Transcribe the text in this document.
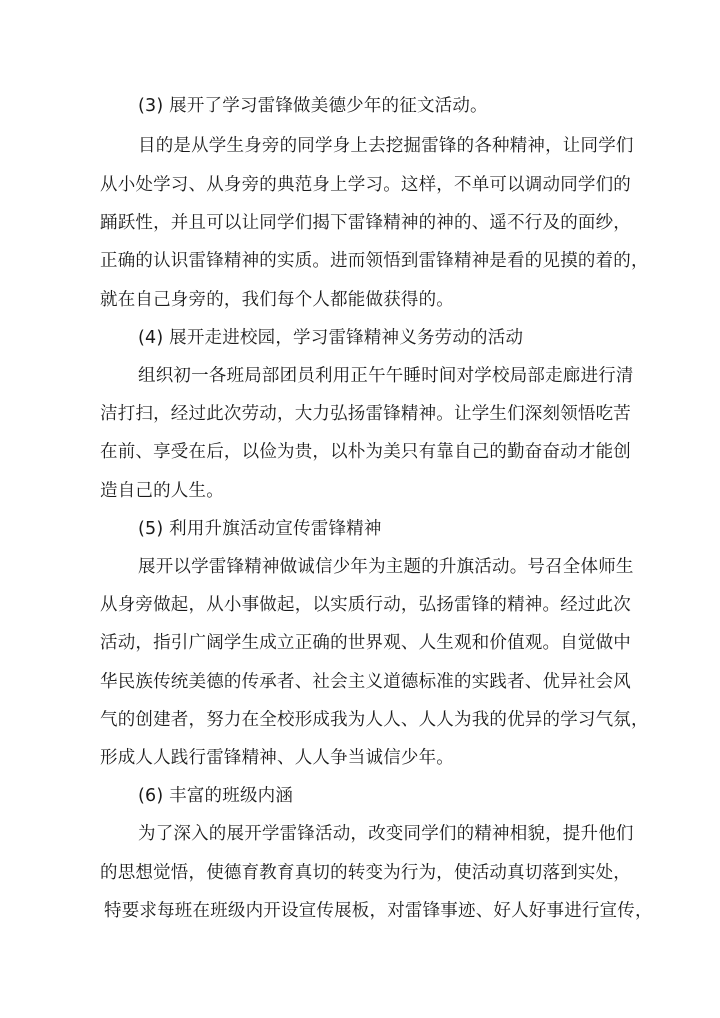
(3) 展开了学习雷锋做美德少年的征文活动。
目的是从学生身旁的同学身上去挖掘雷锋的各种精神，让同学们
从小处学习、从身旁的典范身上学习。这样，不单可以调动同学们的
踊跃性，并且可以让同学们揭下雷锋精神的神的、遥不行及的面纱，
正确的认识雷锋精神的实质。进而领悟到雷锋精神是看的见摸的着的，
就在自己身旁的，我们每个人都能做获得的。
(4) 展开走进校园，学习雷锋精神义务劳动的活动
组织初一各班局部团员利用正午午睡时间对学校局部走廊进行清
洁打扫，经过此次劳动，大力弘扬雷锋精神。让学生们深刻领悟吃苦
在前、享受在后，以俭为贵，以朴为美只有靠自己的勤奋奋动才能创
造自己的人生。
(5) 利用升旗活动宣传雷锋精神
展开以学雷锋精神做诚信少年为主题的升旗活动。号召全体师生
从身旁做起，从小事做起，以实质行动，弘扬雷锋的精神。经过此次
活动，指引广阔学生成立正确的世界观、人生观和价值观。自觉做中
华民族传统美德的传承者、社会主义道德标准的实践者、优异社会风
气的创建者，努力在全校形成我为人人、人人为我的优异的学习气氛，
形成人人践行雷锋精神、人人争当诚信少年。
(6) 丰富的班级内涵
为了深入的展开学雷锋活动，改变同学们的精神相貌，提升他们
的思想觉悟，使德育教育真切的转变为行为，使活动真切落到实处，
特要求每班在班级内开设宣传展板，对雷锋事迹、好人好事进行宣传，
